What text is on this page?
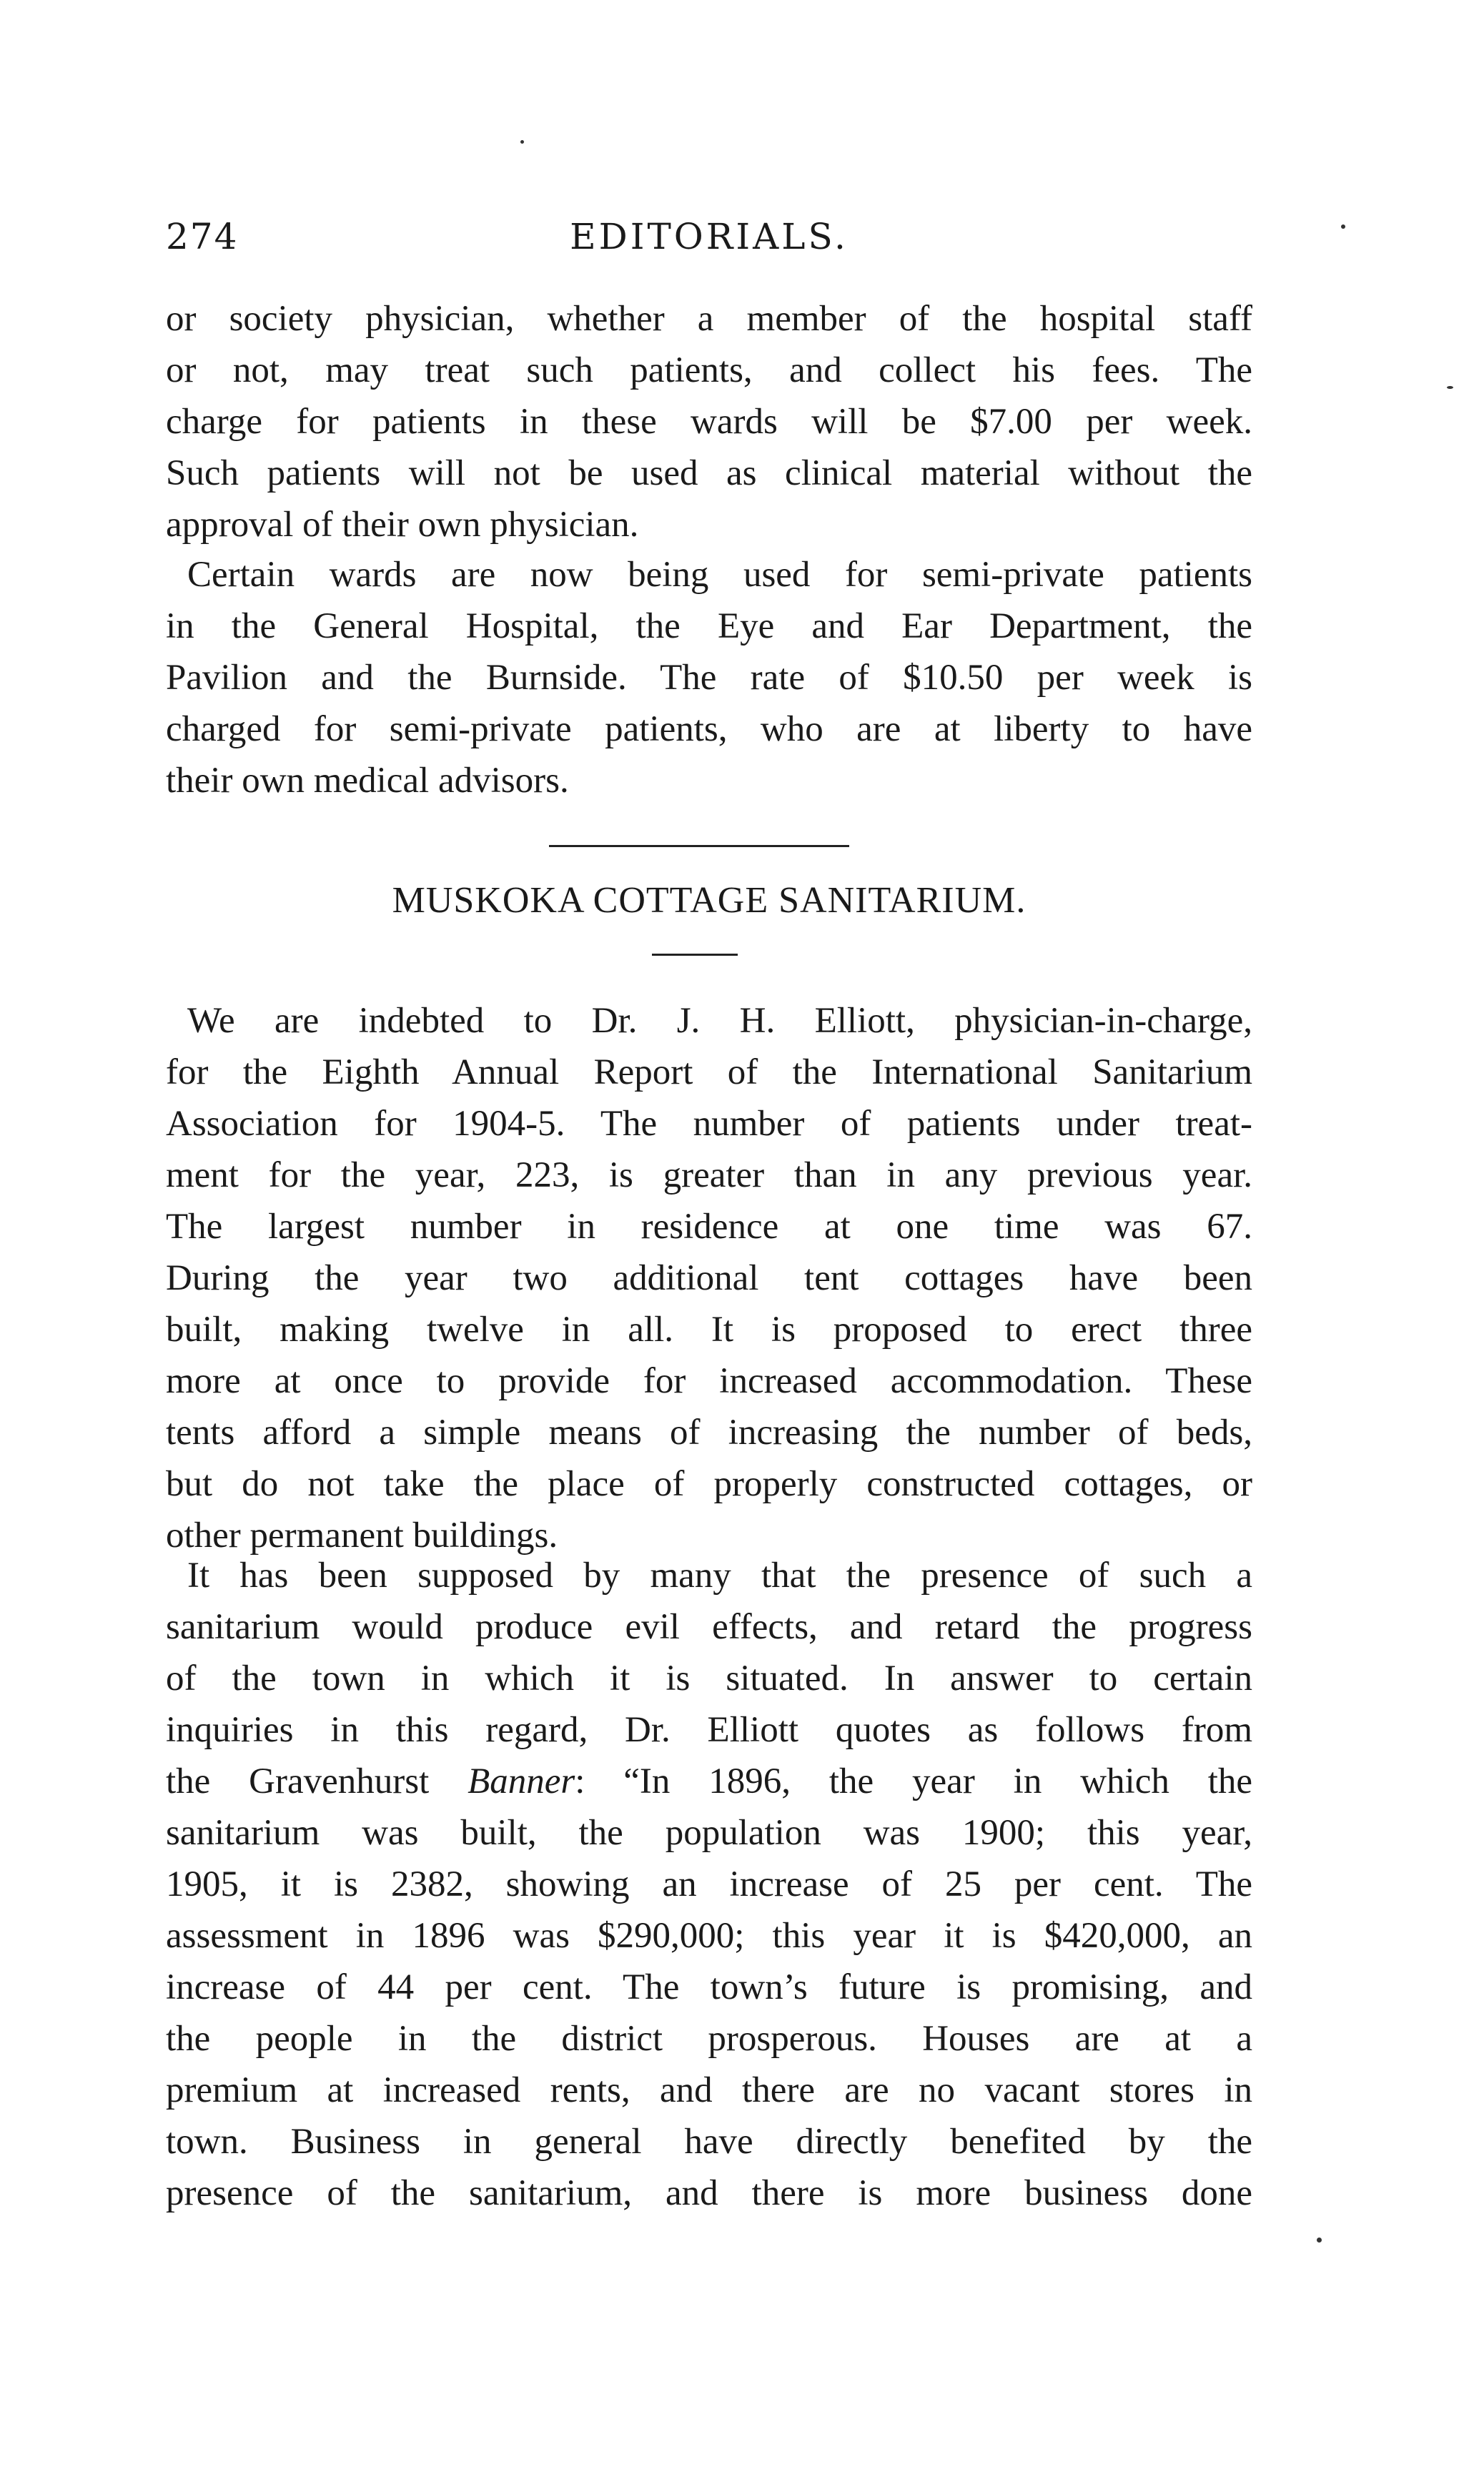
274	EDITORIALS.
or society physician, whether a member of the hospital staff
or not, may treat such patients, and collect his fees. The
charge for patients in these wards will be $7.00 per week.
Such patients will not be used as clinical material without the
approval of their own physician.
Certain wards are now being used for semi-private patients
in the General Hospital, the Eye and Ear Department, the
Pavilion and the Burnside. The rate of $10.50 per week is
charged for semi-private patients, who are at liberty to have
their own medical advisors.
MUSKOKA COTTAGE SANITARIUM.
We are indebted to Dr. J. H. Elliott, physician-in-charge,
for the Eighth Annual Report of the International Sanitarium
Association for 1904-5. The number of patients under treat-
ment for the year, 223, is greater than in any previous year.
The largest number in residence at one time was 67.
During the year two additional tent cottages have been
built, making twelve in all. It is proposed to erect three
more at once to provide for increased accommodation. These
tents afford a simple means of increasing the number of beds,
but do not take the place of properly constructed cottages, or
other permanent buildings.
It has been supposed by many that the presence of such a
sanitarium would produce evil effects, and retard the progress
of the town in which it is situated. In answer to certain
inquiries in this regard, Dr. Elliott quotes as follows from
the Gravenhurst Banner: “In 1896, the year in which the
sanitarium was built, the population was 1900; this year,
1905, it is 2382, showing an increase of 25 per cent. The
assessment in 1896 was $290,000; this year it is $420,000, an
increase of 44 per cent. The town’s future is promising, and
the people in the district prosperous. Houses are at a
premium at increased rents, and there are no vacant stores in
town. Business in general have directly benefited by the
presence of the sanitarium, and there is more business done
